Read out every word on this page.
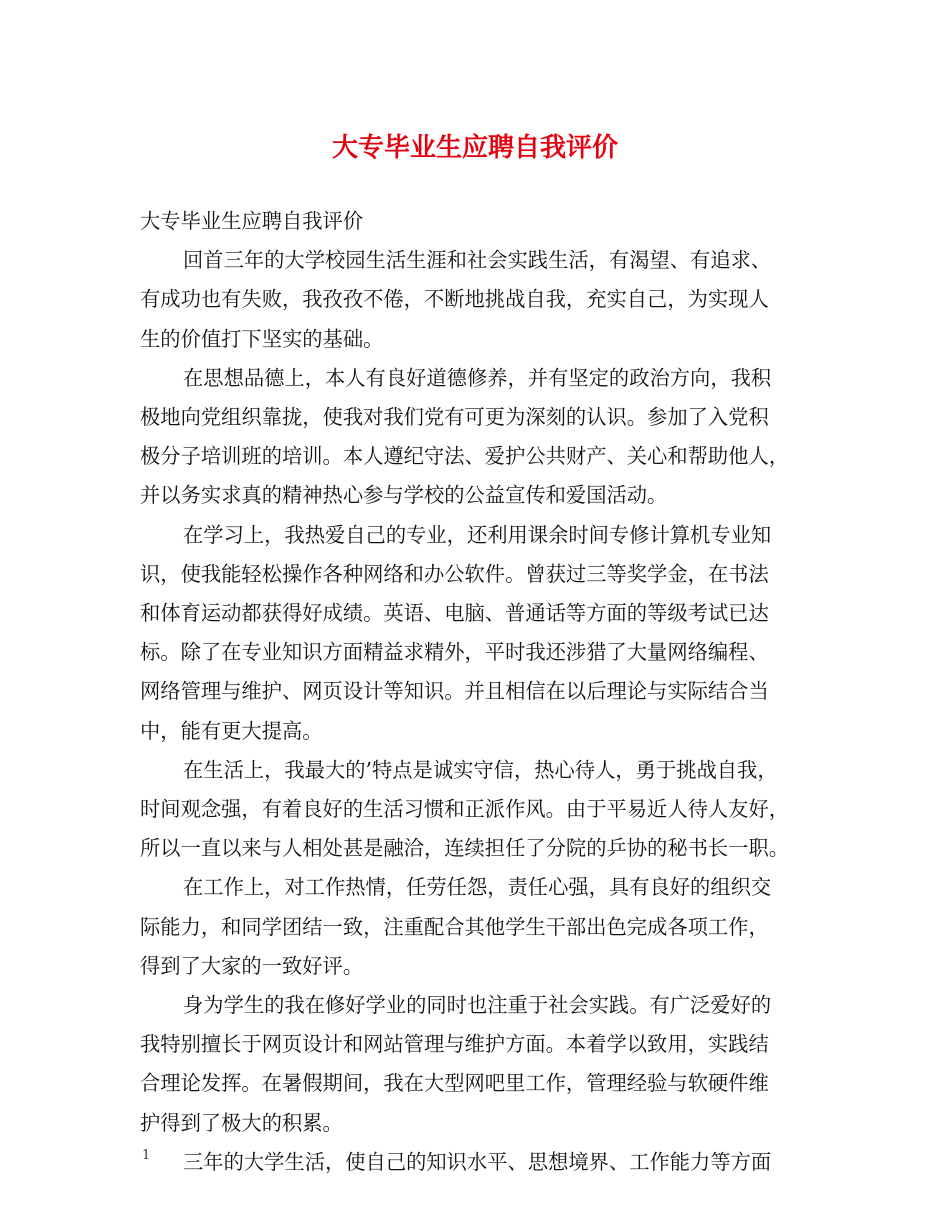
大专毕业生应聘自我评价

大专毕业生应聘自我评价

回首三年的大学校园生活生涯和社会实践生活，有渴望、有追求、

有成功也有失败，我孜孜不倦，不断地挑战自我，充实自己，为实现人

生的价值打下坚实的基础。

在思想品德上，本人有良好道德修养，并有坚定的政治方向，我积

极地向党组织靠拢，使我对我们党有可更为深刻的认识。参加了入党积

极分子培训班的培训。本人遵纪守法、爱护公共财产、关心和帮助他人，

并以务实求真的精神热心参与学校的公益宣传和爱国活动。

在学习上，我热爱自己的专业，还利用课余时间专修计算机专业知

识，使我能轻松操作各种网络和办公软件。曾获过三等奖学金，在书法

和体育运动都获得好成绩。英语、电脑、普通话等方面的等级考试已达

标。除了在专业知识方面精益求精外，平时我还涉猎了大量网络编程、

网络管理与维护、网页设计等知识。并且相信在以后理论与实际结合当

中，能有更大提高。

在生活上，我最大的’特点是诚实守信，热心待人，勇于挑战自我，

时间观念强，有着良好的生活习惯和正派作风。由于平易近人待人友好，

所以一直以来与人相处甚是融洽，连续担任了分院的乒协的秘书长一职。

在工作上，对工作热情，任劳任怨，责任心强，具有良好的组织交

际能力，和同学团结一致，注重配合其他学生干部出色完成各项工作，

得到了大家的一致好评。

身为学生的我在修好学业的同时也注重于社会实践。有广泛爱好的

我特别擅长于网页设计和网站管理与维护方面。本着学以致用，实践结

合理论发挥。在暑假期间，我在大型网吧里工作，管理经验与软硬件维

护得到了极大的积累。

三年的大学生活，使自己的知识水平、思想境界、工作能力等方面

1
